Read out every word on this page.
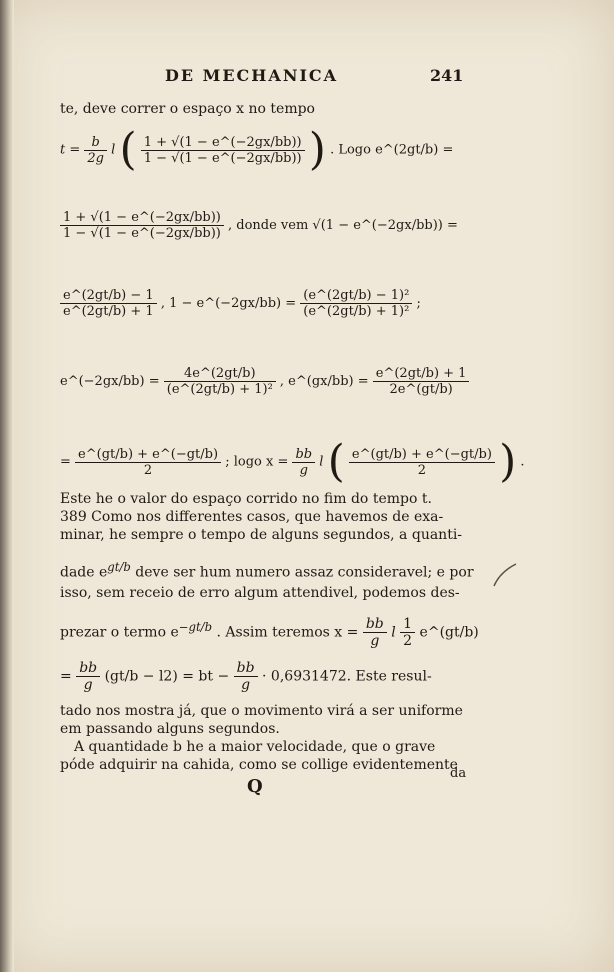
DE MECHANICA	241
te, deve correr o espaço x no tempo
$t = \frac{b}{2g}$ l ( $\frac{1 + √(1 - e\^{}(-2gx/bb))}{1 - √(1 - e\^{}(-2gx/bb))}$ ) . Logo e^(2gt/b) =
$\frac{1 + √(1 - e\^{}(-2gx/bb))}{1 - √(1 - e\^{}(-2gx/bb))}$ , donde vem √(1 − e^(−2gx/bb)) =
$\frac{e\^{}(2gt/b) - 1}{e\^{}(2gt/b) + 1}$ , 1 − e^(−2gx/bb) = $\frac{\text{(e\textasciicircum{}(2gt/b) − 1)²}}{\text{(e\textasciicircum{}(2gt/b) + 1)²}}$ ;
e^(−2gx/bb) = $\frac{4e\^{}(2gt/b)}{\text{(e\textasciicircum{}(2gt/b) + 1)²}}$ , e^(gx/bb) = $\frac{e\^{}(2gt/b) + 1}{2e\^{}(gt/b)}$
= $\frac{e\^{}(gt/b) + e\^{}(-gt/b)}{2}$ ; logo $x = \frac{bb}{g}$ l ( $\frac{e\^{}(gt/b) + e\^{}(-gt/b)}{2}$ ) .
Este he o valor do espaço corrido no fim do tempo t.
389 Como nos differentes casos, que havemos de exa-
minar, he sempre o tempo de alguns segundos, a quanti-
dade $e^{gt/b}$ deve ser hum numero assaz consideravel; e por
isso, sem receio de erro algum attendivel, podemos des-
prezar o termo $e^{-gt/b}$ . Assim teremos $x = \frac{bb}{g}$ l $\frac{1}{2}$ e^(gt/b)
= $\frac{bb}{g} (gt/b - l2)$ = bt − $\frac{bb}{g} \cdot 0,6931472$. Este resul-
tado nos mostra já, que o movimento virá a ser uniforme
em passando alguns segundos.
A quantidade b he a maior velocidade, que o grave
póde adquirir na cahida, como se collige evidentemente
Q
da
